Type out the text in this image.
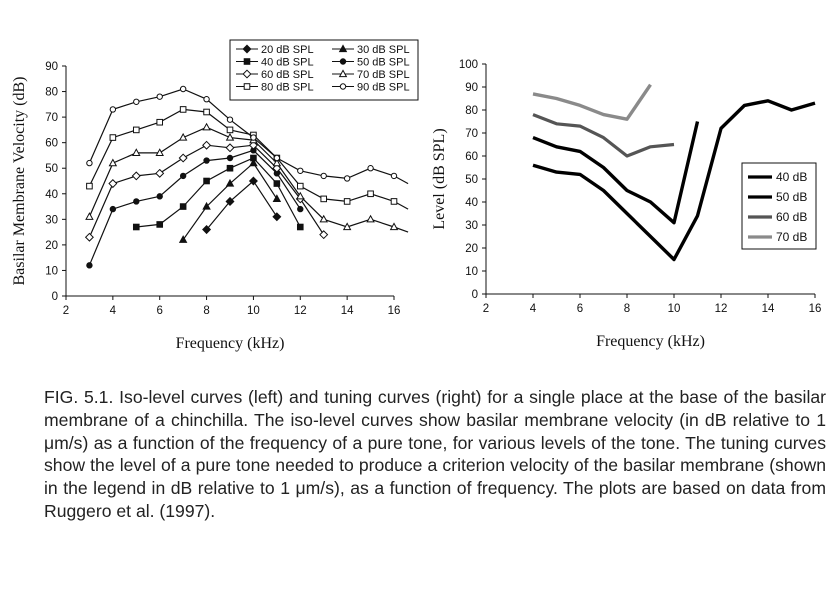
2	4	6	8	10	12	14	16
0
10
20
30
40
50
60
70
80
90
Frequency (kHz)
Basilar Membrane Velocity (dB)
20 dB SPL	30 dB SPL
40 dB SPL	50 dB SPL
60 dB SPL	70 dB SPL
80 dB SPL	90 dB SPL
2	4	6	8	10	12	14	16
0
10
20
30
40
50
60
70
80
90
100
Frequency (kHz)
Level (dB SPL)	40 dB
50 dB
60 dB
70 dB

FIG. 5.1. Iso-level curves (left) and tuning curves (right) for a single place at the base of the basilar membrane of a chinchilla. The iso-level curves show basilar membrane velocity (in dB relative to 1 μm/s) as a function of the frequency of a pure tone, for various levels of the tone. The tuning curves show the level of a pure tone needed to produce a criterion velocity of the basilar membrane (shown in the legend in dB relative to 1 μm/s), as a function of frequency. The plots are based on data from Ruggero et al. (1997).
